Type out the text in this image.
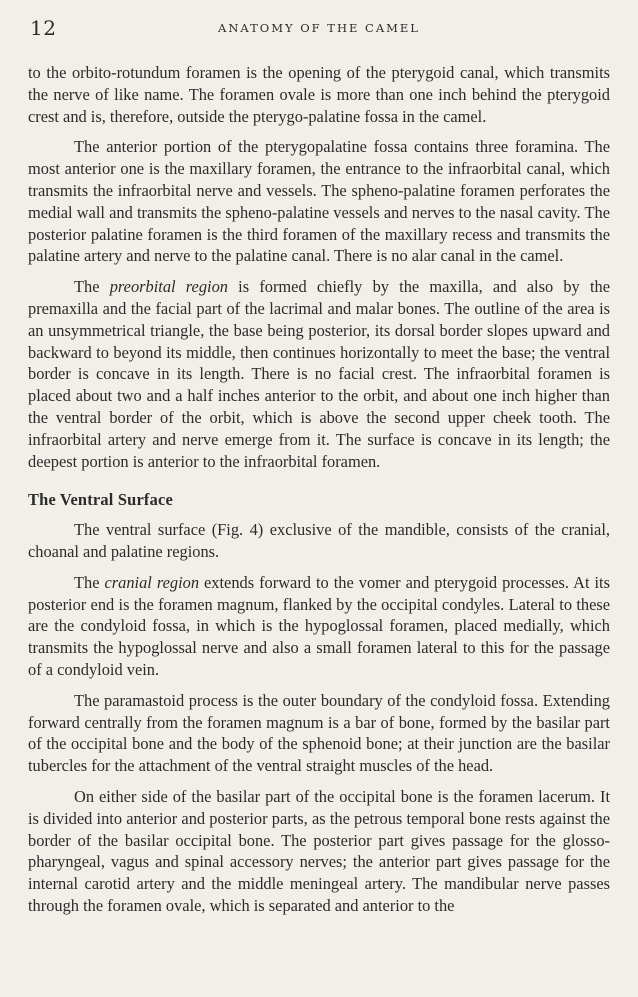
12	ANATOMY OF THE CAMEL

to the orbito-rotundum foramen is the opening of the pterygoid canal, which transmits the nerve of like name. The foramen ovale is more than one inch behind the pterygoid crest and is, therefore, outside the pterygo-palatine fossa in the camel.

The anterior portion of the pterygopalatine fossa contains three foramina. The most anterior one is the maxillary foramen, the entrance to the infraorbital canal, which transmits the infraorbital nerve and vessels. The spheno-palatine foramen perforates the medial wall and transmits the spheno-palatine vessels and nerves to the nasal cavity. The posterior palatine foramen is the third foramen of the maxillary recess and transmits the palatine artery and nerve to the palatine canal. There is no alar canal in the camel.

The preorbital region is formed chiefly by the maxilla, and also by the premaxilla and the facial part of the lacrimal and malar bones. The outline of the area is an unsymmetrical triangle, the base being posterior, its dorsal border slopes upward and backward to beyond its middle, then continues horizontally to meet the base; the ventral border is concave in its length. There is no facial crest. The infraorbital foramen is placed about two and a half inches anterior to the orbit, and about one inch higher than the ventral border of the orbit, which is above the second upper cheek tooth. The infraorbital artery and nerve emerge from it. The surface is concave in its length; the deepest portion is anterior to the infraorbital foramen.

The Ventral Surface

The ventral surface (Fig. 4) exclusive of the mandible, consists of the cranial, choanal and palatine regions.

The cranial region extends forward to the vomer and pterygoid processes. At its posterior end is the foramen magnum, flanked by the occipital condyles. Lateral to these are the condyloid fossa, in which is the hypoglossal foramen, placed medially, which transmits the hypoglossal nerve and also a small foramen lateral to this for the passage of a condyloid vein.

The paramastoid process is the outer boundary of the condyloid fossa. Extending forward centrally from the foramen magnum is a bar of bone, formed by the basilar part of the occipital bone and the body of the sphenoid bone; at their junction are the basilar tubercles for the attachment of the ventral straight muscles of the head.

On either side of the basilar part of the occipital bone is the foramen lacerum. It is divided into anterior and posterior parts, as the petrous temporal bone rests against the border of the basilar occipital bone. The posterior part gives passage for the glosso-pharyngeal, vagus and spinal accessory nerves; the anterior part gives passage for the internal carotid artery and the middle meningeal artery. The mandibular nerve passes through the foramen ovale, which is separated and anterior to the
